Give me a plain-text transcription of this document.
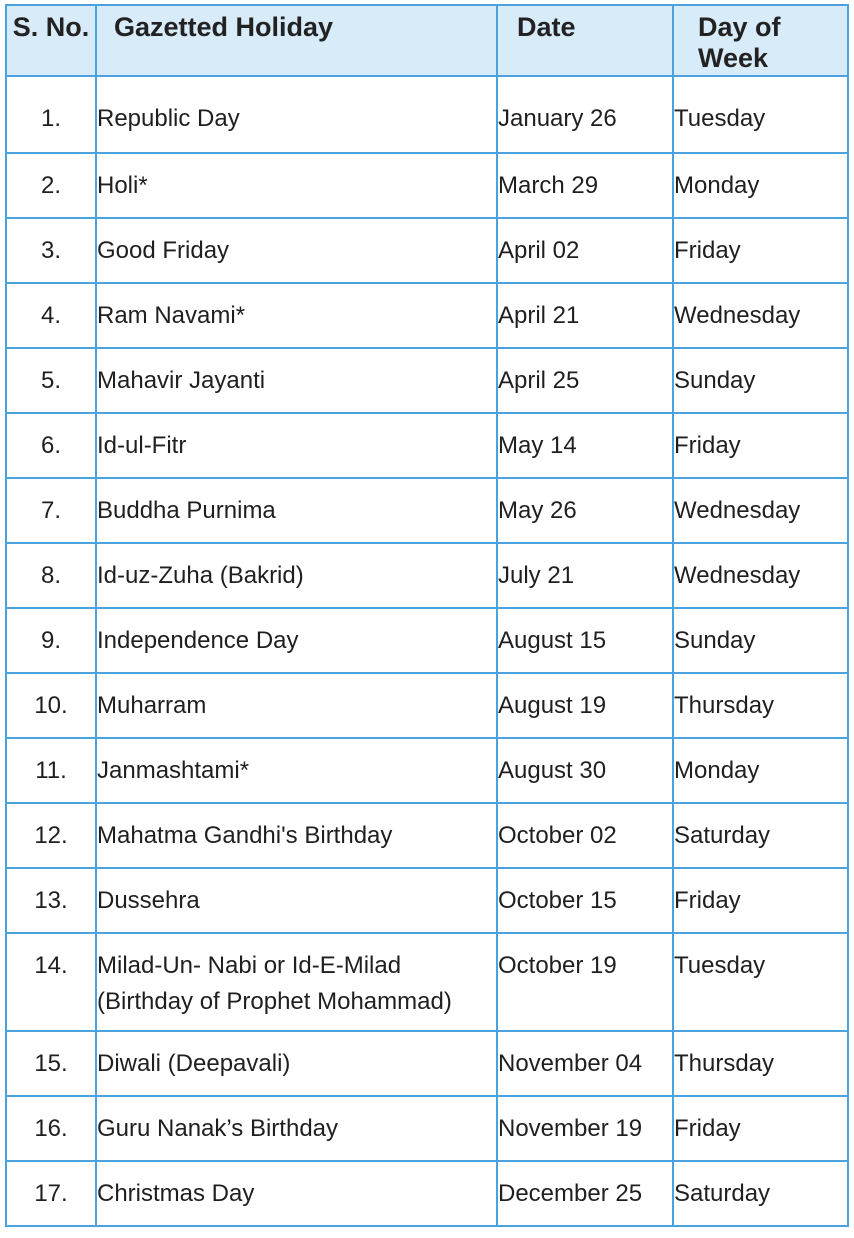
S. No.	Gazetted Holiday	Date	Day of Week
1.	Republic Day	January 26	Tuesday
2.	Holi*	March 29	Monday
3.	Good Friday	April 02	Friday
4.	Ram Navami*	April 21	Wednesday
5.	Mahavir Jayanti	April 25	Sunday
6.	Id-ul-Fitr	May 14	Friday
7.	Buddha Purnima	May 26	Wednesday
8.	Id-uz-Zuha (Bakrid)	July 21	Wednesday
9.	Independence Day	August 15	Sunday
10.	Muharram	August 19	Thursday
11.	Janmashtami*	August 30	Monday
12.	Mahatma Gandhi's Birthday	October 02	Saturday
13.	Dussehra	October 15	Friday
14.	Milad-Un- Nabi or Id-E-Milad (Birthday of Prophet Mohammad)	October 19	Tuesday
15.	Diwali (Deepavali)	November 04	Thursday
16.	Guru Nanak’s Birthday	November 19	Friday
17.	Christmas Day	December 25	Saturday
